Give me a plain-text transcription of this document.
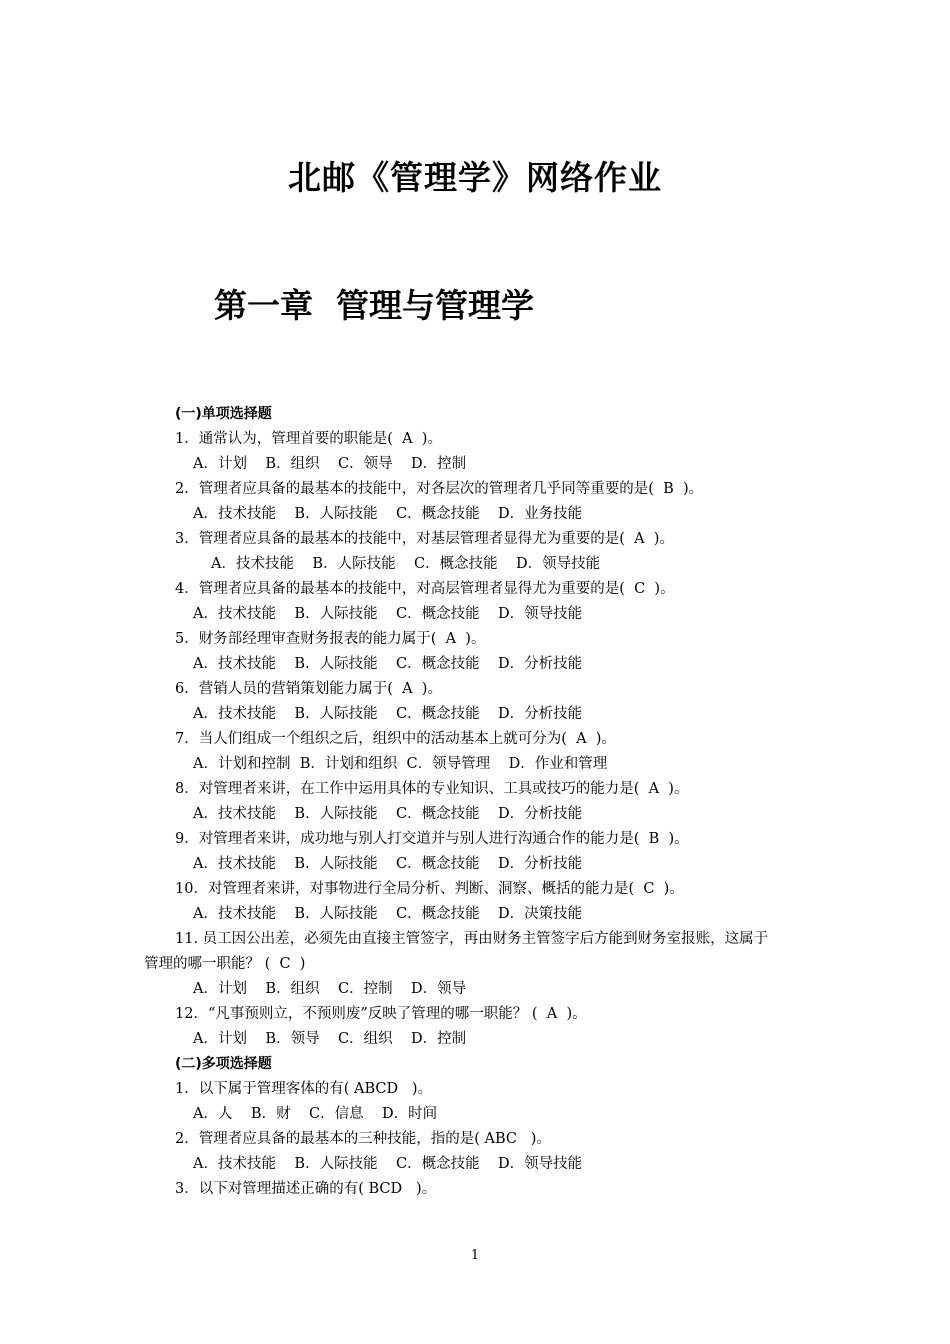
北邮《管理学》网络作业
第一章  管理与管理学
(一)单项选择题
1．通常认为，管理首要的职能是(  A  )。
A．计划    B．组织    C．领导    D．控制
2．管理者应具备的最基本的技能中，对各层次的管理者几乎同等重要的是(  B  )。
A．技术技能    B．人际技能    C．概念技能    D．业务技能
3．管理者应具备的最基本的技能中，对基层管理者显得尤为重要的是(  A  )。
A．技术技能    B．人际技能    C．概念技能    D．领导技能
4．管理者应具备的最基本的技能中，对高层管理者显得尤为重要的是(  C  )。
A．技术技能    B．人际技能    C．概念技能    D．领导技能
5．财务部经理审查财务报表的能力属于(  A  )。
A．技术技能    B．人际技能    C．概念技能    D．分析技能
6．营销人员的营销策划能力属于(  A  )。
A．技术技能    B．人际技能    C．概念技能    D．分析技能
7．当人们组成一个组织之后，组织中的活动基本上就可分为(  A  )。
A．计划和控制  B．计划和组织  C．领导管理    D．作业和管理
8．对管理者来讲，在工作中运用具体的专业知识、工具或技巧的能力是(  A  )。
A．技术技能    B．人际技能    C．概念技能    D．分析技能
9．对管理者来讲，成功地与别人打交道并与别人进行沟通合作的能力是(  B  )。
A．技术技能    B．人际技能    C．概念技能    D．分析技能
10．对管理者来讲，对事物进行全局分析、判断、洞察、概括的能力是(  C  )。
A．技术技能    B．人际技能    C．概念技能    D．决策技能
11. 员工因公出差，必须先由直接主管签字，再由财务主管签字后方能到财务室报账，这属于
管理的哪一职能？ (  C  )
A．计划    B．组织    C．控制    D．领导
12．“凡事预则立，不预则废”反映了管理的哪一职能？ (  A  )。
A．计划    B．领导    C．组织    D．控制
(二)多项选择题
1．以下属于管理客体的有( ABCD   )。
A．人    B．财    C．信息    D．时间
2．管理者应具备的最基本的三种技能，指的是( ABC   )。
A．技术技能    B．人际技能    C．概念技能    D．领导技能
3．以下对管理描述正确的有( BCD   )。
1
